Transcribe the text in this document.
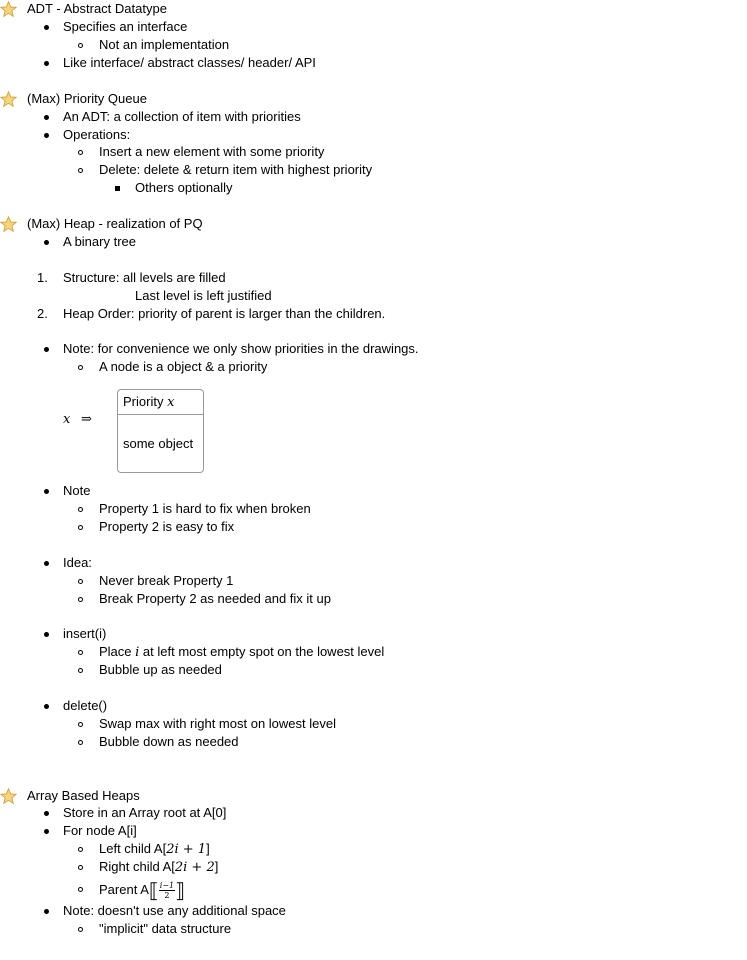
ADT - Abstract Datatype
Specifies an interface
Not an implementation
Like interface/ abstract classes/ header/ API
(Max) Priority Queue
An ADT: a collection of item with priorities
Operations:
Insert a new element with some priority
Delete: delete & return item with highest priority
Others optionally
(Max) Heap - realization of PQ
A binary tree
1. Structure: all levels are filled
Last level is left justified
2. Heap Order: priority of parent is larger than the children.
Note: for convenience we only show priorities in the drawings.
A node is a object & a priority
x ⇒
Priority x
some object
Note
Property 1 is hard to fix when broken
Property 2 is easy to fix
Idea:
Never break Property 1
Break Property 2 as needed and fix it up
insert(i)
Place i at left most empty spot on the lowest level
Bubble up as needed
delete()
Swap max with right most on lowest level
Bubble down as needed
Array Based Heaps
Store in an Array root at A[0]
For node A[i]
Left child A[2i + 1]
Right child A[2i + 2]
Parent A⟦ $\frac{i-1}{2}$ ⟧
Note: doesn't use any additional space
"implicit" data structure
